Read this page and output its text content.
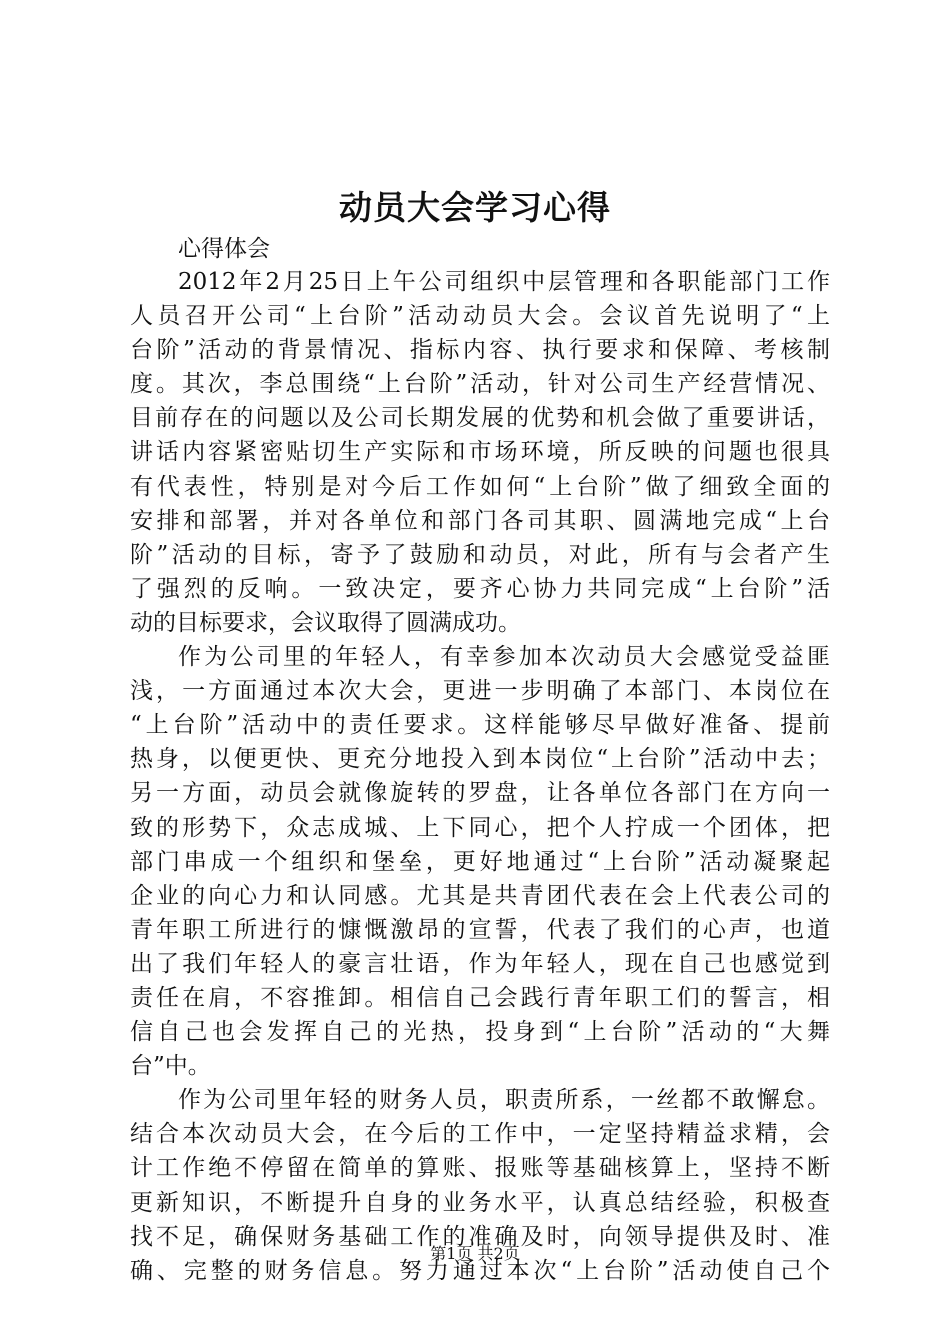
动员大会学习心得

心得体会

2012年2月25日上午公司组织中层管理和各职能部门工作
人员召开公司“上台阶”活动动员大会。会议首先说明了“上
台阶”活动的背景情况、指标内容、执行要求和保障、考核制
度。其次，李总围绕“上台阶”活动，针对公司生产经营情况、
目前存在的问题以及公司长期发展的优势和机会做了重要讲话，
讲话内容紧密贴切生产实际和市场环境，所反映的问题也很具
有代表性，特别是对今后工作如何“上台阶”做了细致全面的
安排和部署，并对各单位和部门各司其职、圆满地完成“上台
阶”活动的目标，寄予了鼓励和动员，对此，所有与会者产生
了强烈的反响。一致决定，要齐心协力共同完成“上台阶”活
动的目标要求，会议取得了圆满成功。
作为公司里的年轻人，有幸参加本次动员大会感觉受益匪
浅，一方面通过本次大会，更进一步明确了本部门、本岗位在
“上台阶”活动中的责任要求。这样能够尽早做好准备、提前
热身，以便更快、更充分地投入到本岗位“上台阶”活动中去；
另一方面，动员会就像旋转的罗盘，让各单位各部门在方向一
致的形势下，众志成城、上下同心，把个人拧成一个团体，把
部门串成一个组织和堡垒，更好地通过“上台阶”活动凝聚起
企业的向心力和认同感。尤其是共青团代表在会上代表公司的
青年职工所进行的慷慨激昂的宣誓，代表了我们的心声，也道
出了我们年轻人的豪言壮语，作为年轻人，现在自己也感觉到
责任在肩，不容推卸。相信自己会践行青年职工们的誓言，相
信自己也会发挥自己的光热，投身到“上台阶”活动的“大舞
台”中。
作为公司里年轻的财务人员，职责所系，一丝都不敢懈怠。
结合本次动员大会，在今后的工作中，一定坚持精益求精，会
计工作绝不停留在简单的算账、报账等基础核算上，坚持不断
更新知识，不断提升自身的业务水平，认真总结经验，积极查
找不足，确保财务基础工作的准确及时，向领导提供及时、准
确、完整的财务信息。努力通过本次“上台阶”活动使自己个

第1页 共2页
